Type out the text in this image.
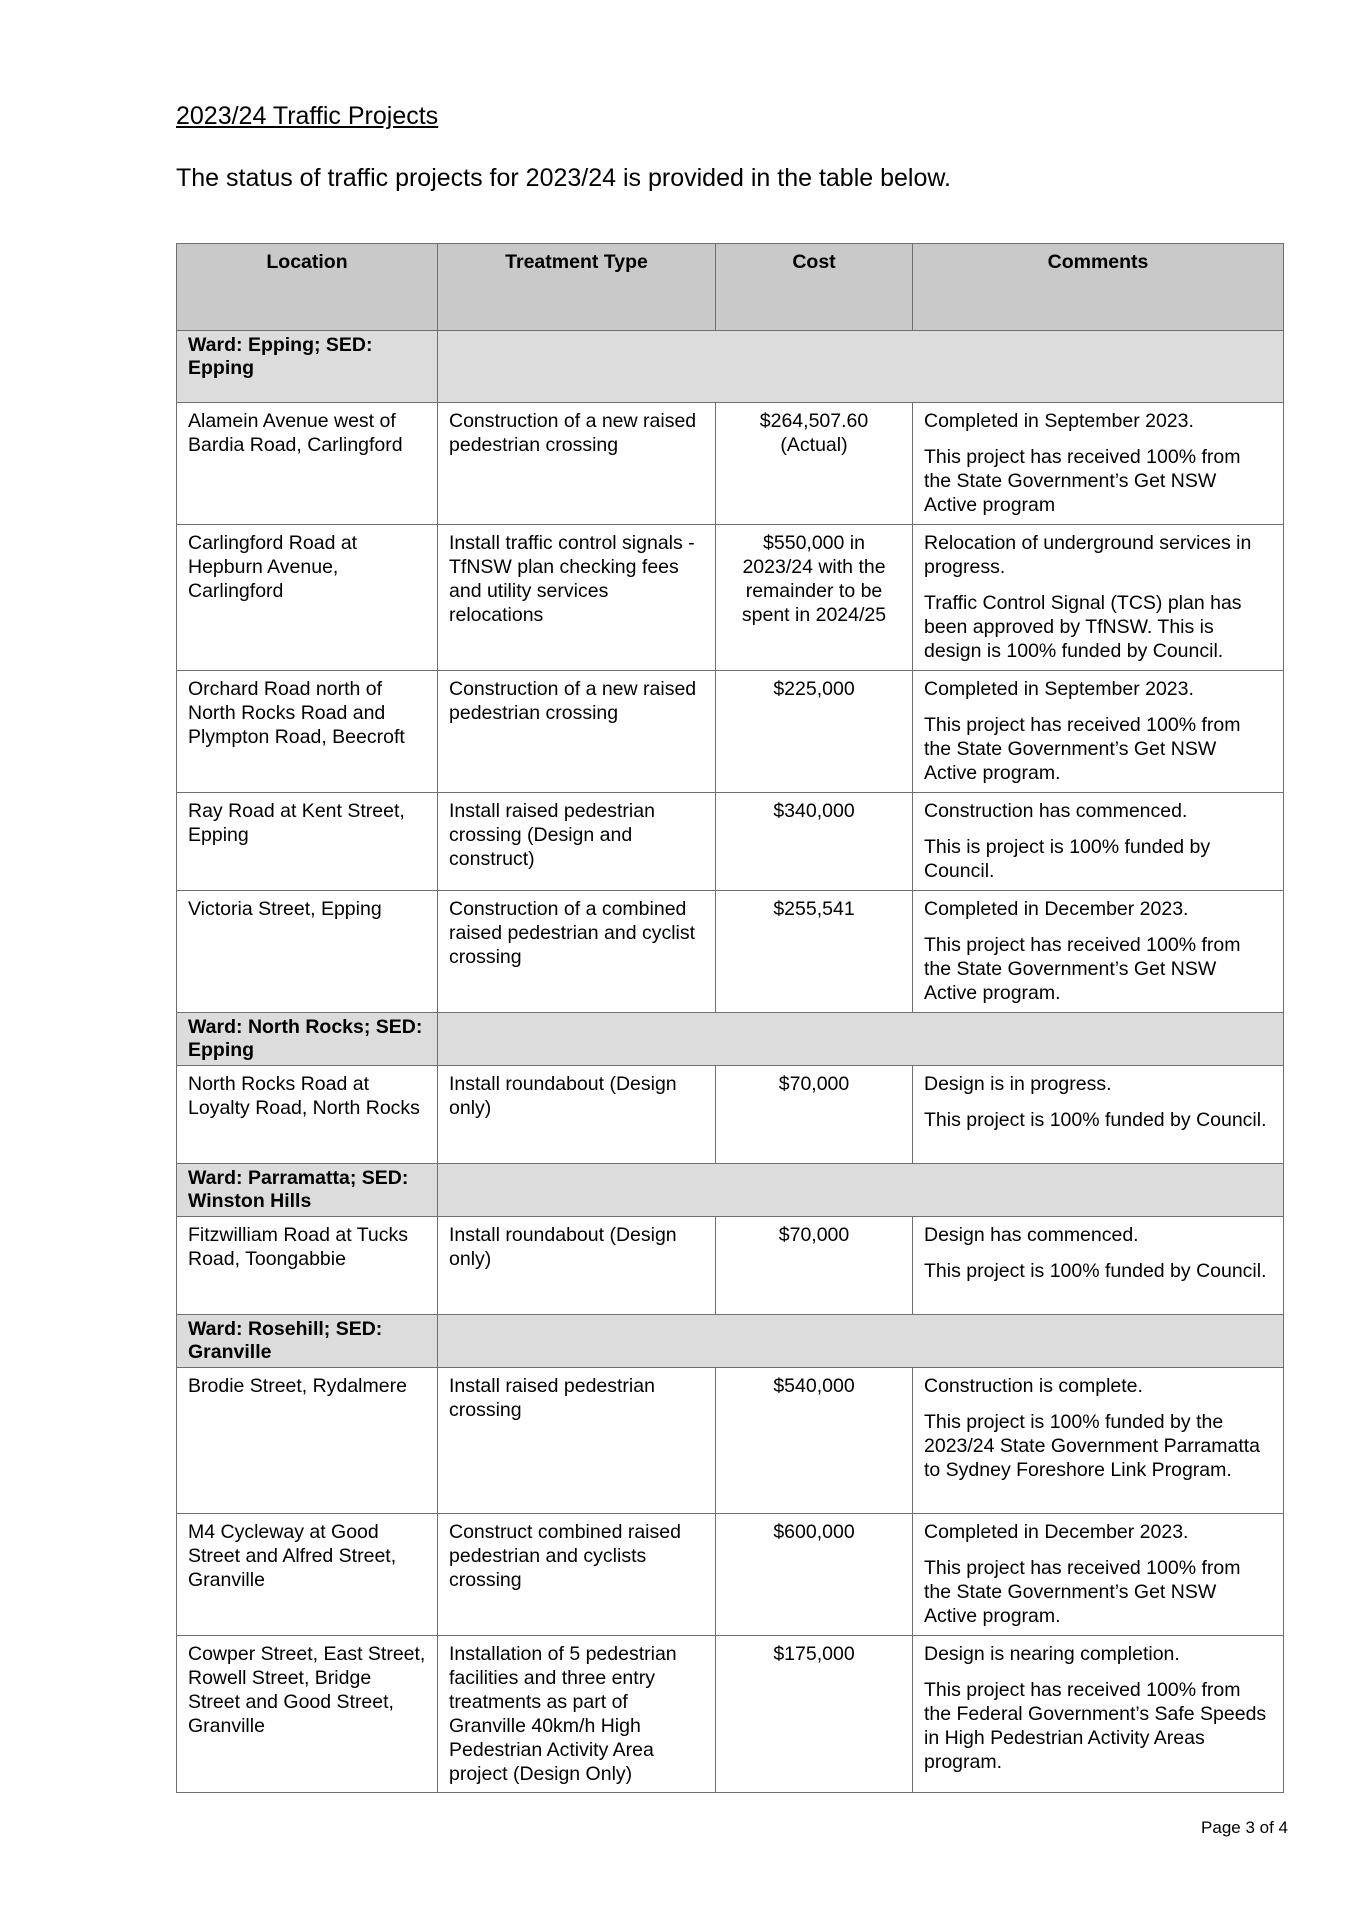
2023/24 Traffic Projects

The status of traffic projects for 2023/24 is provided in the table below.

Location	Treatment Type	Cost	Comments
Ward: Epping; SED: Epping			
Alamein Avenue west of Bardia Road, Carlingford	Construction of a new raised pedestrian crossing	$264,507.60 (Actual)	Completed in September 2023.

This project has received 100% from the State Government’s Get NSW Active program

Carlingford Road at Hepburn Avenue, Carlingford	Install traffic control signals - TfNSW plan checking fees and utility services relocations	$550,000 in 2023/24 with the remainder to be spent in 2024/25	Relocation of underground services in progress.

Traffic Control Signal (TCS) plan has been approved by TfNSW. This is design is 100% funded by Council.

Orchard Road north of North Rocks Road and Plympton Road, Beecroft	Construction of a new raised pedestrian crossing	$225,000	Completed in September 2023.

This project has received 100% from the State Government’s Get NSW Active program.

Ray Road at Kent Street, Epping	Install raised pedestrian crossing (Design and construct)	$340,000	Construction has commenced.

This is project is 100% funded by Council.

Victoria Street, Epping	Construction of a combined raised pedestrian and cyclist crossing	$255,541	Completed in December 2023.

This project has received 100% from the State Government’s Get NSW Active program.

Ward: North Rocks; SED: Epping			
North Rocks Road at Loyalty Road, North Rocks	Install roundabout (Design only)	$70,000	Design is in progress.

This project is 100% funded by Council.

Ward: Parramatta; SED: Winston Hills			
Fitzwilliam Road at Tucks Road, Toongabbie	Install roundabout (Design only)	$70,000	Design has commenced.

This project is 100% funded by Council.

Ward: Rosehill; SED: Granville			
Brodie Street, Rydalmere	Install raised pedestrian crossing	$540,000	Construction is complete.

This project is 100% funded by the 2023/24 State Government Parramatta to Sydney Foreshore Link Program.

M4 Cycleway at Good Street and Alfred Street, Granville	Construct combined raised pedestrian and cyclists crossing	$600,000	Completed in December 2023.

This project has received 100% from the State Government’s Get NSW Active program.

Cowper Street, East Street, Rowell Street, Bridge Street and Good Street, Granville	Installation of 5 pedestrian facilities and three entry treatments as part of Granville 40km/h High Pedestrian Activity Area project (Design Only)	$175,000	Design is nearing completion.

This project has received 100% from the Federal Government’s Safe Speeds in High Pedestrian Activity Areas program.

Page 3 of 4
